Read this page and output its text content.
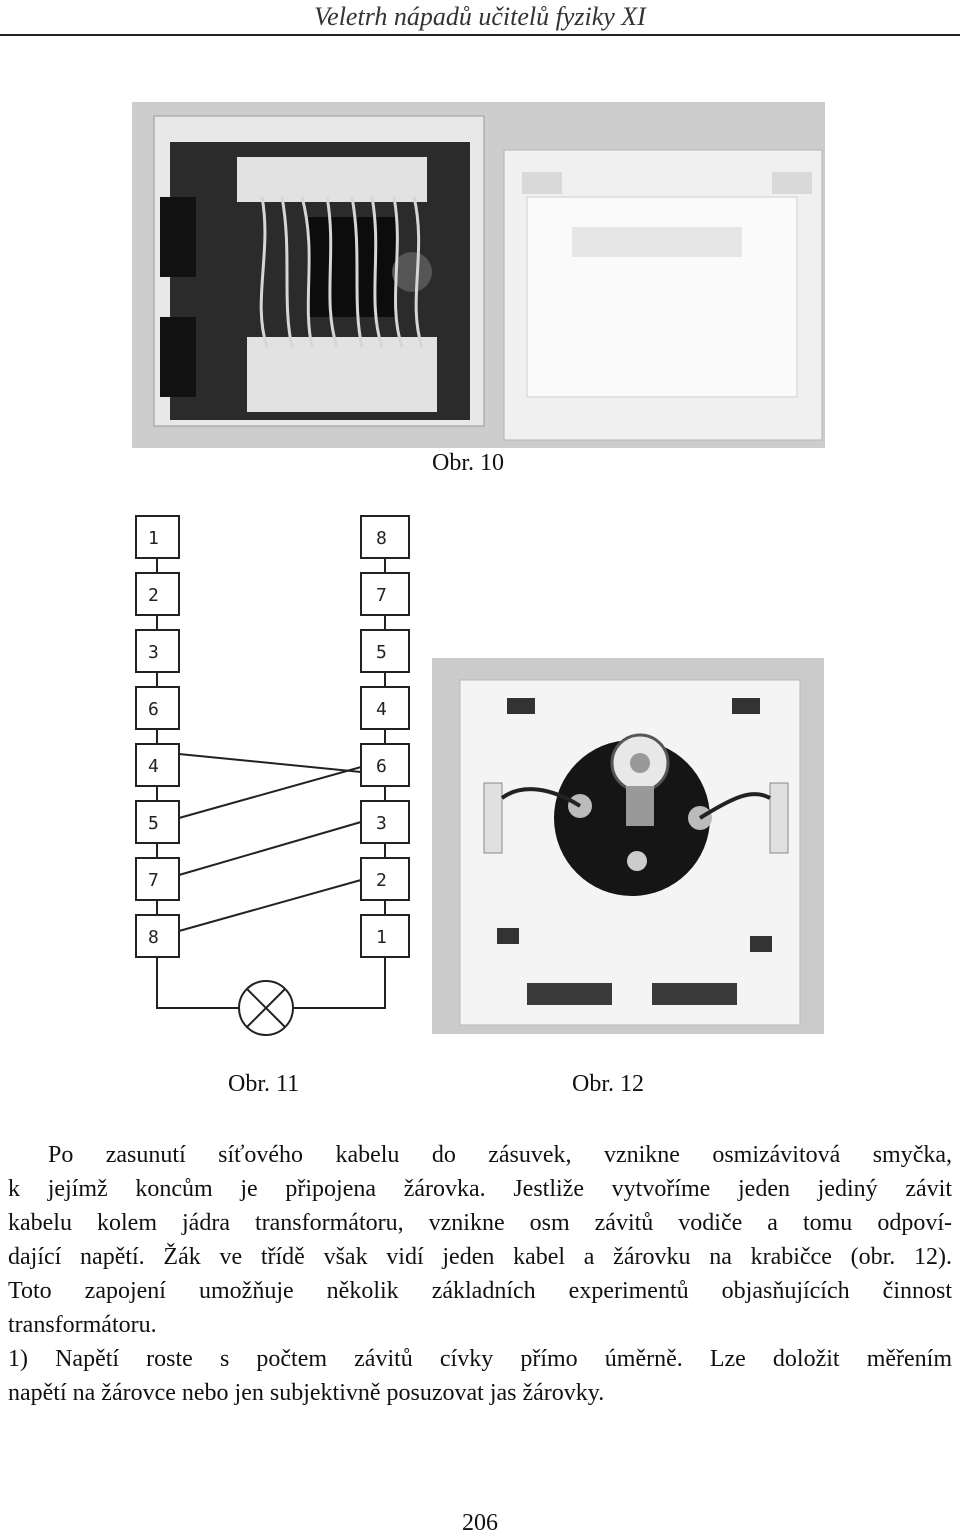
Veletrh nápadů učitelů fyziky XI
Obr. 10
1
2
3
6
4
5
7
8
8
7
5
4
6
3
2
1
Obr. 11	Obr. 12

Po zasunutí síťového kabelu do zásuvek, vznikne osmizávitová smyčka,

k jejímž koncům je připojena žárovka. Jestliže vytvoříme jeden jediný závit

kabelu kolem jádra transformátoru, vznikne osm závitů vodiče a tomu odpoví-

dající napětí. Žák ve třídě však vidí jeden kabel a žárovku na krabičce (obr. 12).

Toto zapojení umožňuje několik základních experimentů objasňujících činnost

transformátoru.

1) Napětí roste s počtem závitů cívky přímo úměrně. Lze doložit měřením

napětí na žárovce nebo jen subjektivně posuzovat jas žárovky.

206
